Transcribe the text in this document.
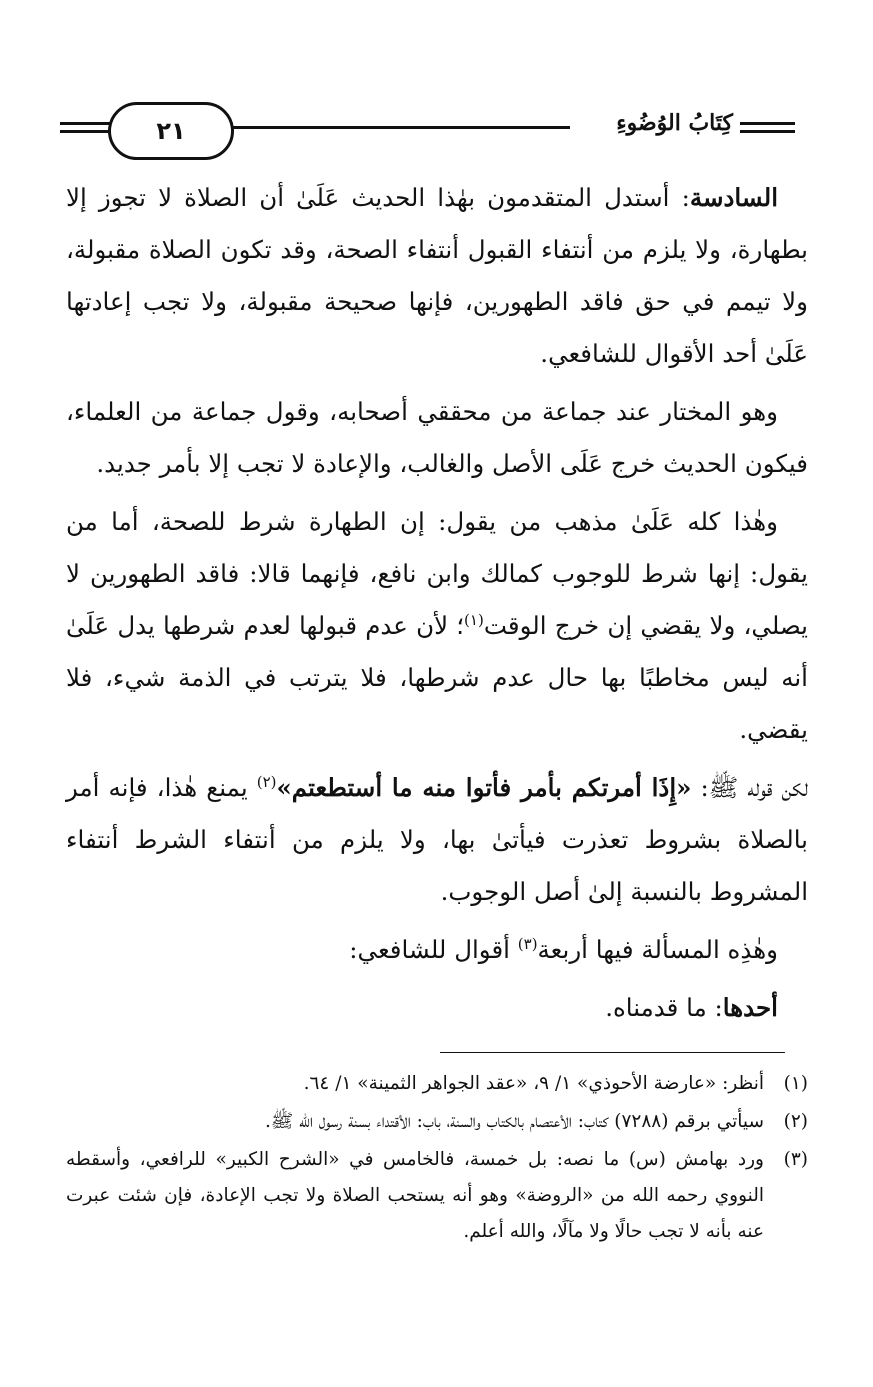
٢١	كِتَابُ الوُضُوءِ

السادسة: أستدل المتقدمون بهٰذا الحديث عَلَىٰ أن الصلاة لا تجوز إلا بطهارة، ولا يلزم من أنتفاء القبول أنتفاء الصحة، وقد تكون الصلاة مقبولة، ولا تيمم في حق فاقد الطهورين، فإنها صحيحة مقبولة، ولا تجب إعادتها عَلَىٰ أحد الأقوال للشافعي.

وهو المختار عند جماعة من محققي أصحابه، وقول جماعة من العلماء، فيكون الحديث خرج عَلَى الأصل والغالب، والإعادة لا تجب إلا بأمر جديد.

وهٰذا كله عَلَىٰ مذهب من يقول: إن الطهارة شرط للصحة، أما من يقول: إنها شرط للوجوب كمالك وابن نافع، فإنهما قالا: فاقد الطهورين لا يصلي، ولا يقضي إن خرج الوقت$^{(١)}$؛ لأن عدم قبولها لعدم شرطها يدل عَلَىٰ أنه ليس مخاطبًا بها حال عدم شرطها، فلا يترتب في الذمة شيء، فلا يقضي.

لكن قوله ﷺ: «إِذَا أمرتكم بأمر فأتوا منه ما أستطعتم»$^{(٢)}$ يمنع هٰذا، فإنه أمر بالصلاة بشروط تعذرت فيأتىٰ بها، ولا يلزم من أنتفاء الشرط أنتفاء المشروط بالنسبة إلىٰ أصل الوجوب.

وهٰذِه المسألة فيها أربعة$^{(٣)}$ أقوال للشافعي:

أحدها: ما قدمناه.

(١)
أنظر: «عارضة الأحوذي» ١/ ٩، «عقد الجواهر الثمينة» ١/ ٦٤.
(٢)
سيأتي برقم (٧٢٨٨) كتاب: الأعتصام بالكتاب والسنة، باب: الأقتداء بسنة رسول الله ﷺ.
(٣)
ورد بهامش (س) ما نصه: بل خمسة، فالخامس في «الشرح الكبير» للرافعي، وأسقطه النووي رحمه الله من «الروضة» وهو أنه يستحب الصلاة ولا تجب الإعادة، فإن شئت عبرت عنه بأنه لا تجب حالًا ولا مآلًا، والله أعلم.
